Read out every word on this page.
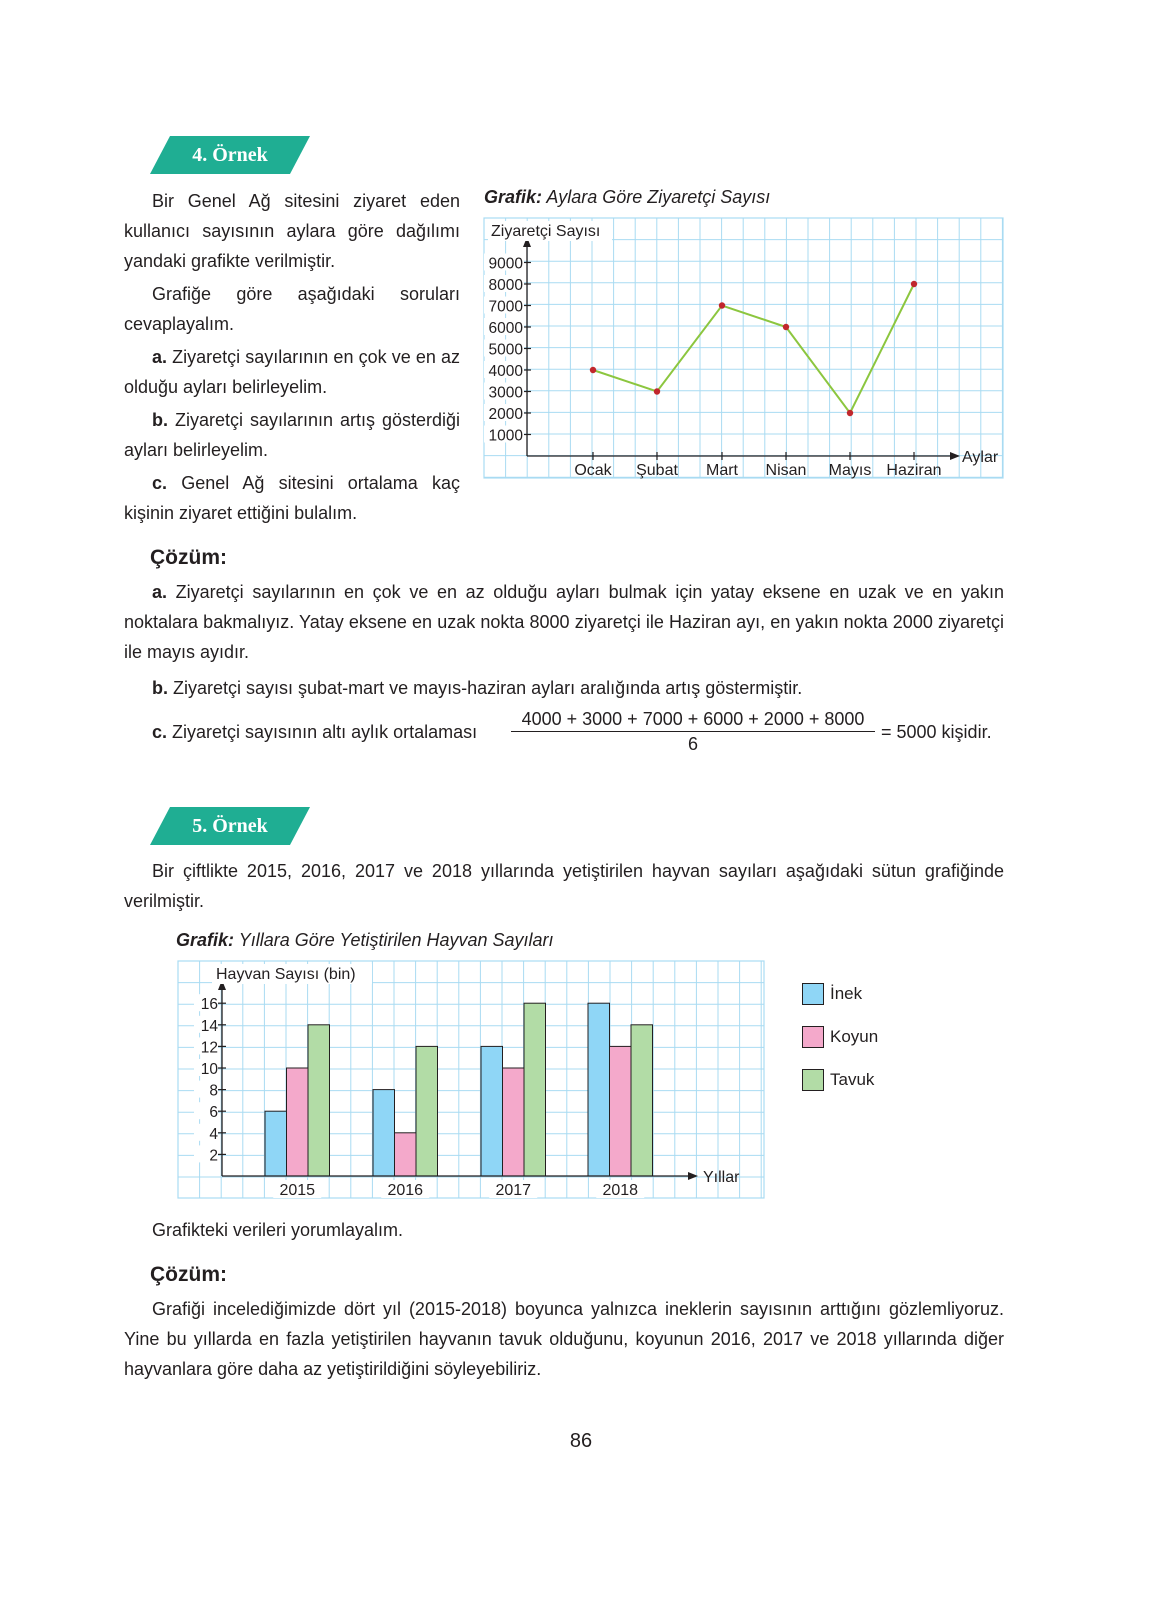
4. Örnek
Bir Genel Ağ sitesini ziyaret eden kullanıcı sayısının aylara göre dağılımı yandaki grafikte verilmiştir.
Grafiğe göre aşağıdaki soruları cevaplayalım.
a. Ziyaretçi sayılarının en çok ve en az olduğu ayları belirleyelim.
b. Ziyaretçi sayılarının artış gösterdiği ayları belirleyelim.
c. Genel Ağ sitesini ortalama kaç kişinin ziyaret ettiğini bulalım.
Grafik: Aylara Göre Ziyaretçi Sayısı
Ziyaretçi Sayısı
Aylar
1000
2000
3000
4000
5000
6000
7000
8000
9000
Ocak Şubat Mart Nisan Mayıs Haziran
Çözüm:
a. Ziyaretçi sayılarının en çok ve en az olduğu ayları bulmak için yatay eksene en uzak ve en yakın noktalara bakmalıyız. Yatay eksene en uzak nokta 8000 ziyaretçi ile Haziran ayı, en yakın nokta 2000 ziyaretçi ile mayıs ayıdır.
b. Ziyaretçi sayısı şubat-mart ve mayıs-haziran ayları aralığında artış göstermiştir.
c. Ziyaretçi sayısının altı aylık ortalaması
4000 + 3000 + 7000 + 6000 + 2000 + 8000
6
= 5000 kişidir.
5. Örnek
Bir çiftlikte 2015, 2016, 2017 ve 2018 yıllarında yetiştirilen hayvan sayıları aşağıdaki sütun grafiğinde verilmiştir.
Grafik: Yıllara Göre Yetiştirilen Hayvan Sayıları
Hayvan Sayısı (bin)
Yıllar
2
4
6
8
10
12
14
16
2015	2016	2017	2018
İnek
Koyun
Tavuk
Grafikteki verileri yorumlayalım.
Çözüm:
Grafiği incelediğimizde dört yıl (2015-2018) boyunca yalnızca ineklerin sayısının arttığını gözlemliyoruz. Yine bu yıllarda en fazla yetiştirilen hayvanın tavuk olduğunu, koyunun 2016, 2017 ve 2018 yıllarında diğer hayvanlara göre daha az yetiştirildiğini söyleyebiliriz.
86
